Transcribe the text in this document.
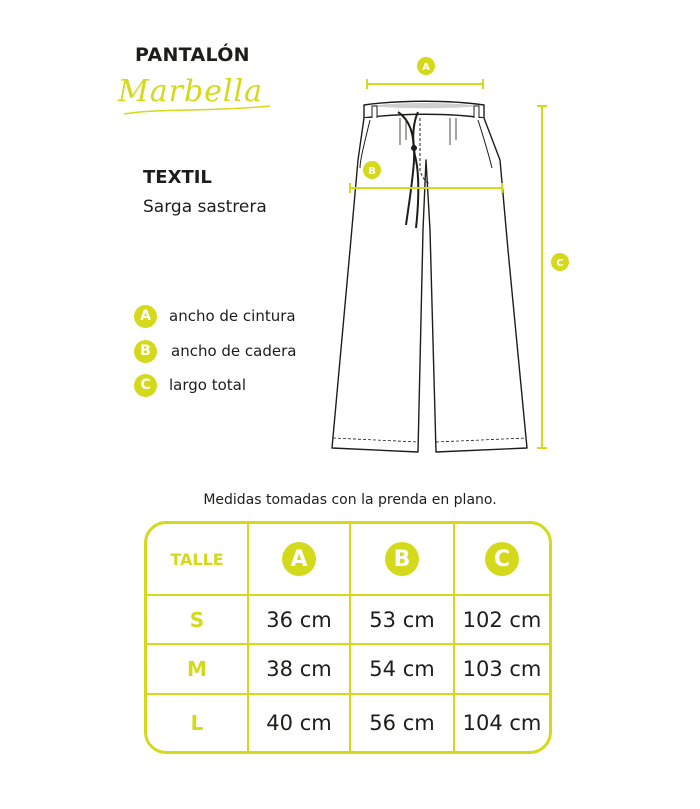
PANTALÓN
Marbella
TEXTIL
Sarga sastrera
A	ancho de cintura
B	ancho de cadera
C	largo total
A
B
C
Medidas tomadas con la prenda en plano.
TALLE	A	B	C
S	36 cm	53 cm	102 cm
M	38 cm	54 cm	103 cm
L	40 cm	56 cm	104 cm
